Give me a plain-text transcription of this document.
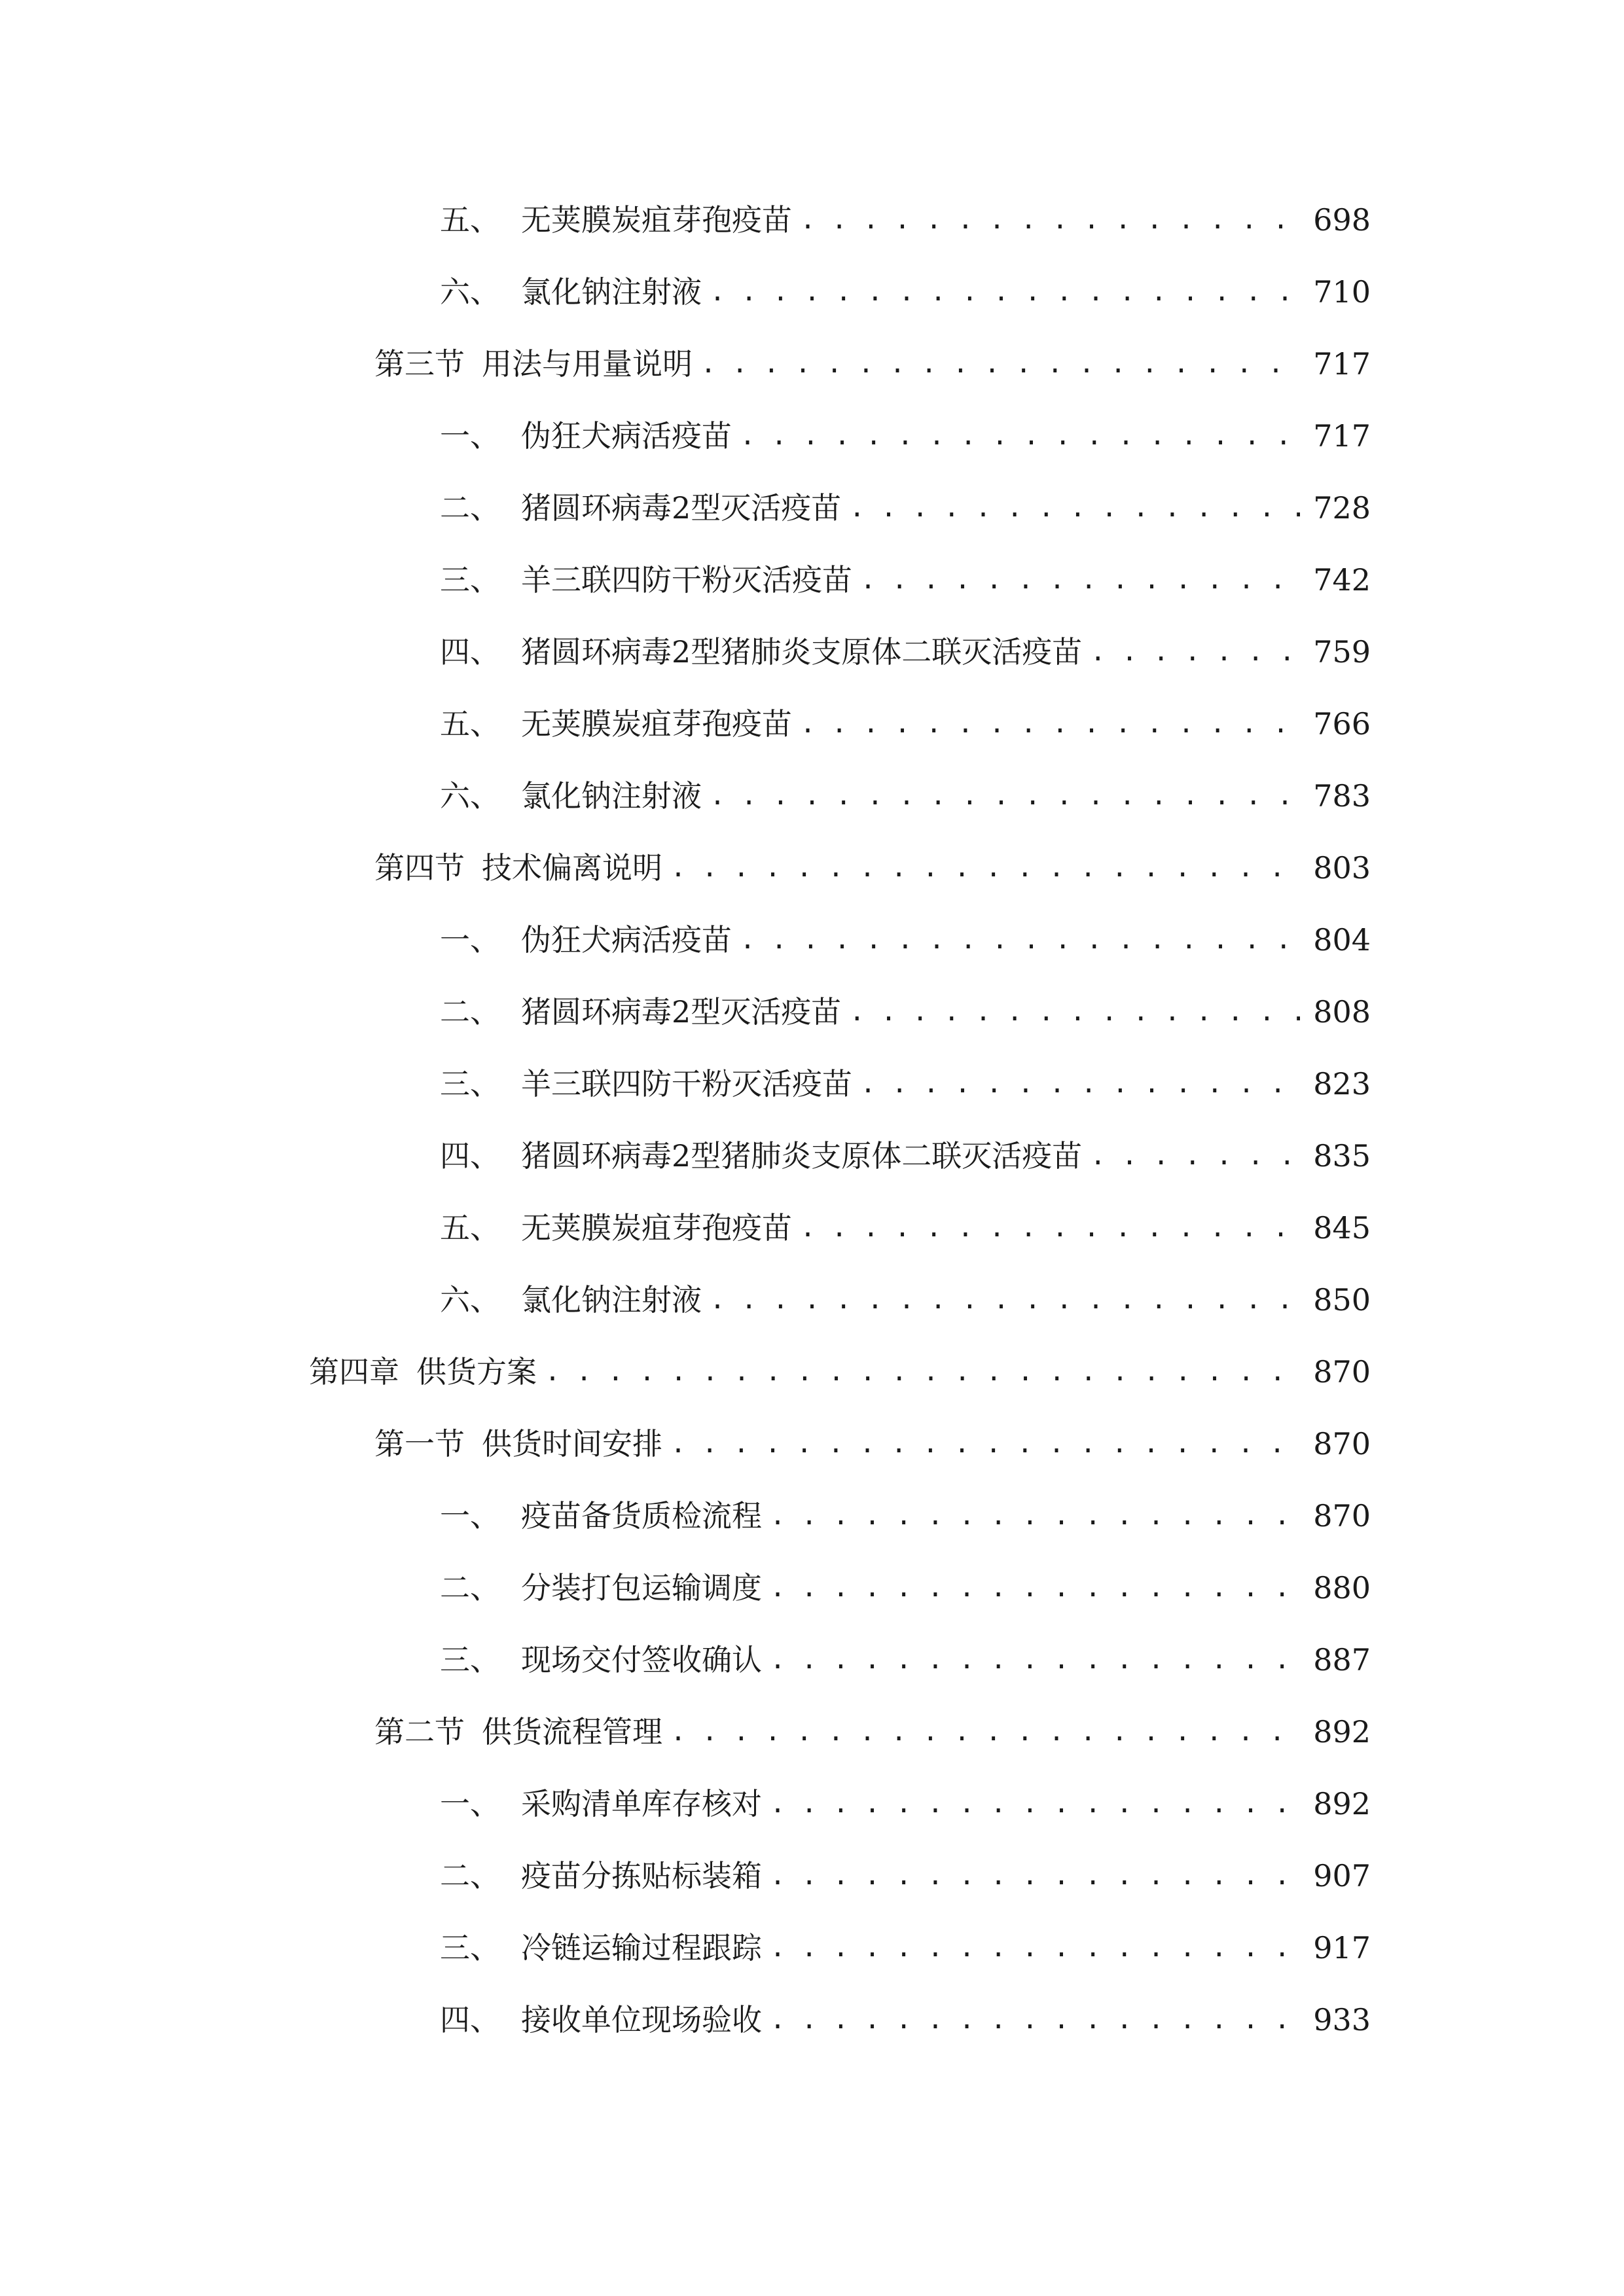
五、 无荚膜炭疽芽孢疫苗 . . .	698
六、 氯化钠注射液 . . .	710
第三节 用法与用量说明 . . .	717
一、 伪狂犬病活疫苗 . . .	717
二、 猪圆环病毒2型灭活疫苗 . . .	728
三、 羊三联四防干粉灭活疫苗 . . .	742
四、 猪圆环病毒2型猪肺炎支原体二联灭活疫苗 . . .	759
五、 无荚膜炭疽芽孢疫苗 . . .	766
六、 氯化钠注射液 . . .	783
第四节 技术偏离说明 . . .	803
一、 伪狂犬病活疫苗 . . .	804
二、 猪圆环病毒2型灭活疫苗 . . .	808
三、 羊三联四防干粉灭活疫苗 . . .	823
四、 猪圆环病毒2型猪肺炎支原体二联灭活疫苗 . . .	835
五、 无荚膜炭疽芽孢疫苗 . . .	845
六、 氯化钠注射液 . . .	850
第四章 供货方案 . . .	870
第一节 供货时间安排 . . .	870
一、 疫苗备货质检流程 . . .	870
二、 分装打包运输调度 . . .	880
三、 现场交付签收确认 . . .	887
第二节 供货流程管理 . . .	892
一、 采购清单库存核对 . . .	892
二、 疫苗分拣贴标装箱 . . .	907
三、 冷链运输过程跟踪 . . .	917
四、 接收单位现场验收 . . .	933
